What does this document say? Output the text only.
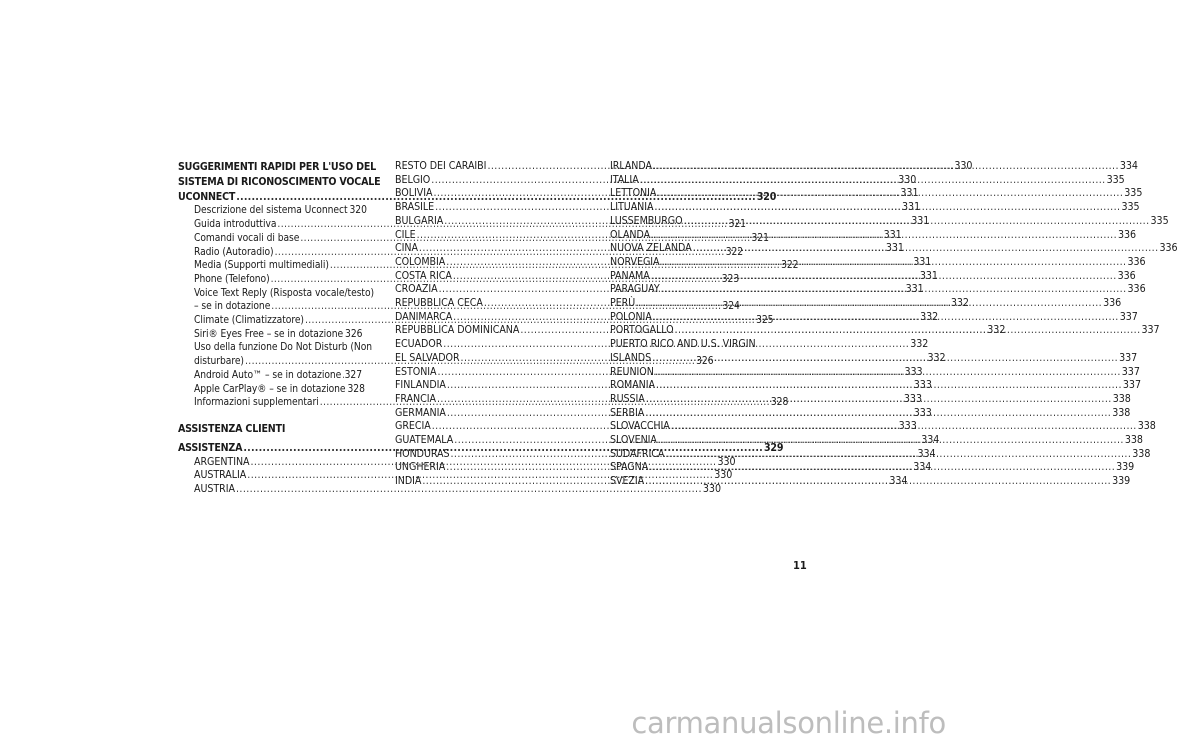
SUGGERIMENTI RAPIDI PER L'USO DEL
SISTEMA DI RICONOSCIMENTO VOCALE
UCONNECT .....	320
Descrizione del sistema Uconnect 320
Guida introduttiva .....	321
Comandi vocali di base .....	321
Radio (Autoradio) .....	322
Media (Supporti multimediali) .....	322
Phone (Telefono) .....	323
Voice Text Reply (Risposta vocale/testo)
– se in dotazione .....	324
Climate (Climatizzatore) .....	325
Siri® Eyes Free – se in dotazione 326
Uso della funzione Do Not Disturb (Non
disturbare) .....	326
Android Auto™ – se in dotazione ..... 327
Apple CarPlay® – se in dotazione 328
Informazioni supplementari .....	328
ASSISTENZA CLIENTI
ASSISTENZA .....	329
ARGENTINA .....	330
AUSTRALIA .....	330
AUSTRIA .....	330
RESTO DEI CARAIBI .....	330
BELGIO .....	330
BOLIVIA .....	331
BRASILE .....	331
BULGARIA .....	331
CILE .....	331
CINA .....	331
COLOMBIA .....	331
COSTA RICA .....	331
CROAZIA .....	331
REPUBBLICA CECA .....	332
DANIMARCA .....	332
REPUBBLICA DOMINICANA .....	332
ECUADOR .....	332
EL SALVADOR .....	332
ESTONIA .....	333
FINLANDIA .....	333
FRANCIA .....	333
GERMANIA .....	333
GRECIA .....	333
GUATEMALA .....	334
HONDURAS .....	334
UNGHERIA .....	334
INDIA .....	334
IRLANDA .....	334
ITALIA .....	335
LETTONIA .....	335
LITUANIA .....	335
LUSSEMBURGO .....	335
OLANDA .....	336
NUOVA ZELANDA .....	336
NORVEGIA .....	336
PANAMA .....	336
PARAGUAY .....	336
PERÙ .....	336
POLONIA .....	337
PORTOGALLO .....	337
PUERTO RICO AND U.S. VIRGIN
ISLANDS .....	337
REUNION .....	337
ROMANIA .....	337
RUSSIA .....	338
SERBIA .....	338
SLOVACCHIA .....	338
SLOVENIA .....	338
SUDAFRICA .....	338
SPAGNA .....	339
SVEZIA .....	339
11
carmanualsonline.info
